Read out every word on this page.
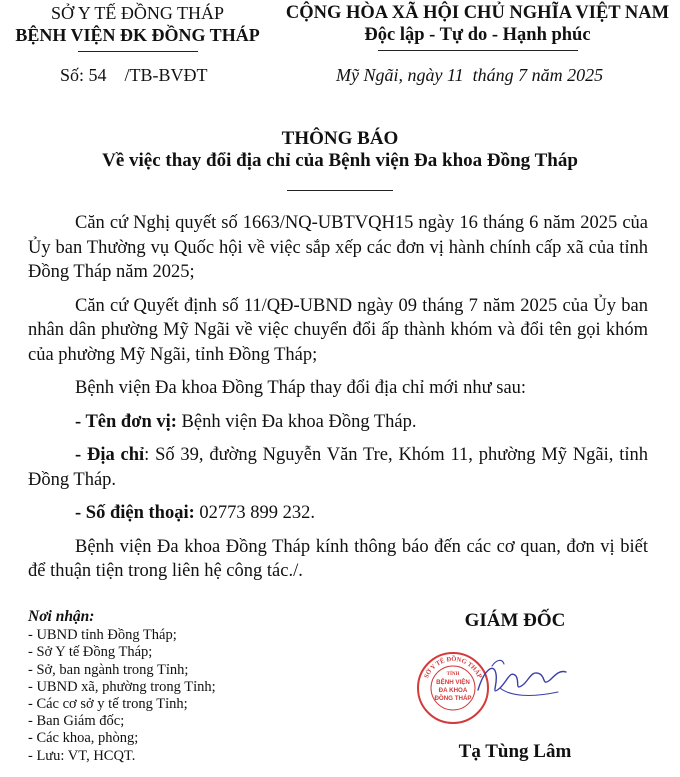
SỞ Y TẾ ĐỒNG THÁP
BỆNH VIỆN ĐK ĐỒNG THÁP
CỘNG HÒA XÃ HỘI CHỦ NGHĨA VIỆT NAM
Độc lập - Tự do - Hạnh phúc
Số: 54 /TB-BVĐT	Mỹ Ngãi, ngày 11  tháng 7 năm 2025
THÔNG BÁO
Về việc thay đổi địa chỉ của Bệnh viện Đa khoa Đồng Tháp

Căn cứ Nghị quyết số 1663/NQ-UBTVQH15 ngày 16 tháng 6 năm 2025 của Ủy ban Thường vụ Quốc hội về việc sắp xếp các đơn vị hành chính cấp xã của tỉnh Đồng Tháp năm 2025;

Căn cứ Quyết định số 11/QĐ-UBND ngày 09 tháng 7 năm 2025 của Ủy ban nhân dân phường Mỹ Ngãi về việc chuyển đổi ấp thành khóm và đổi tên gọi khóm của phường Mỹ Ngãi, tỉnh Đồng Tháp;

Bệnh viện Đa khoa Đồng Tháp thay đổi địa chỉ mới như sau:

- Tên đơn vị: Bệnh viện Đa khoa Đồng Tháp.

- Địa chỉ: Số 39, đường Nguyễn Văn Tre, Khóm 11, phường Mỹ Ngãi, tỉnh Đồng Tháp.

- Số điện thoại: 02773 899 232.

Bệnh viện Đa khoa Đồng Tháp kính thông báo đến các cơ quan, đơn vị biết để thuận tiện trong liên hệ công tác./.

Nơi nhận:
- UBND tỉnh Đồng Tháp;
- Sở Y tế Đồng Tháp;
- Sở, ban ngành trong Tỉnh;
- UBND xã, phường trong Tỉnh;
- Các cơ sở y tế trong Tỉnh;
- Ban Giám đốc;
- Các khoa, phòng;
- Lưu: VT, HCQT.
GIÁM ĐỐC
SỞ Y TẾ ĐỒNG THÁP
TỈNH
BỆNH VIỆN
ĐA KHOA
ĐỒNG THÁP
Tạ Tùng Lâm
